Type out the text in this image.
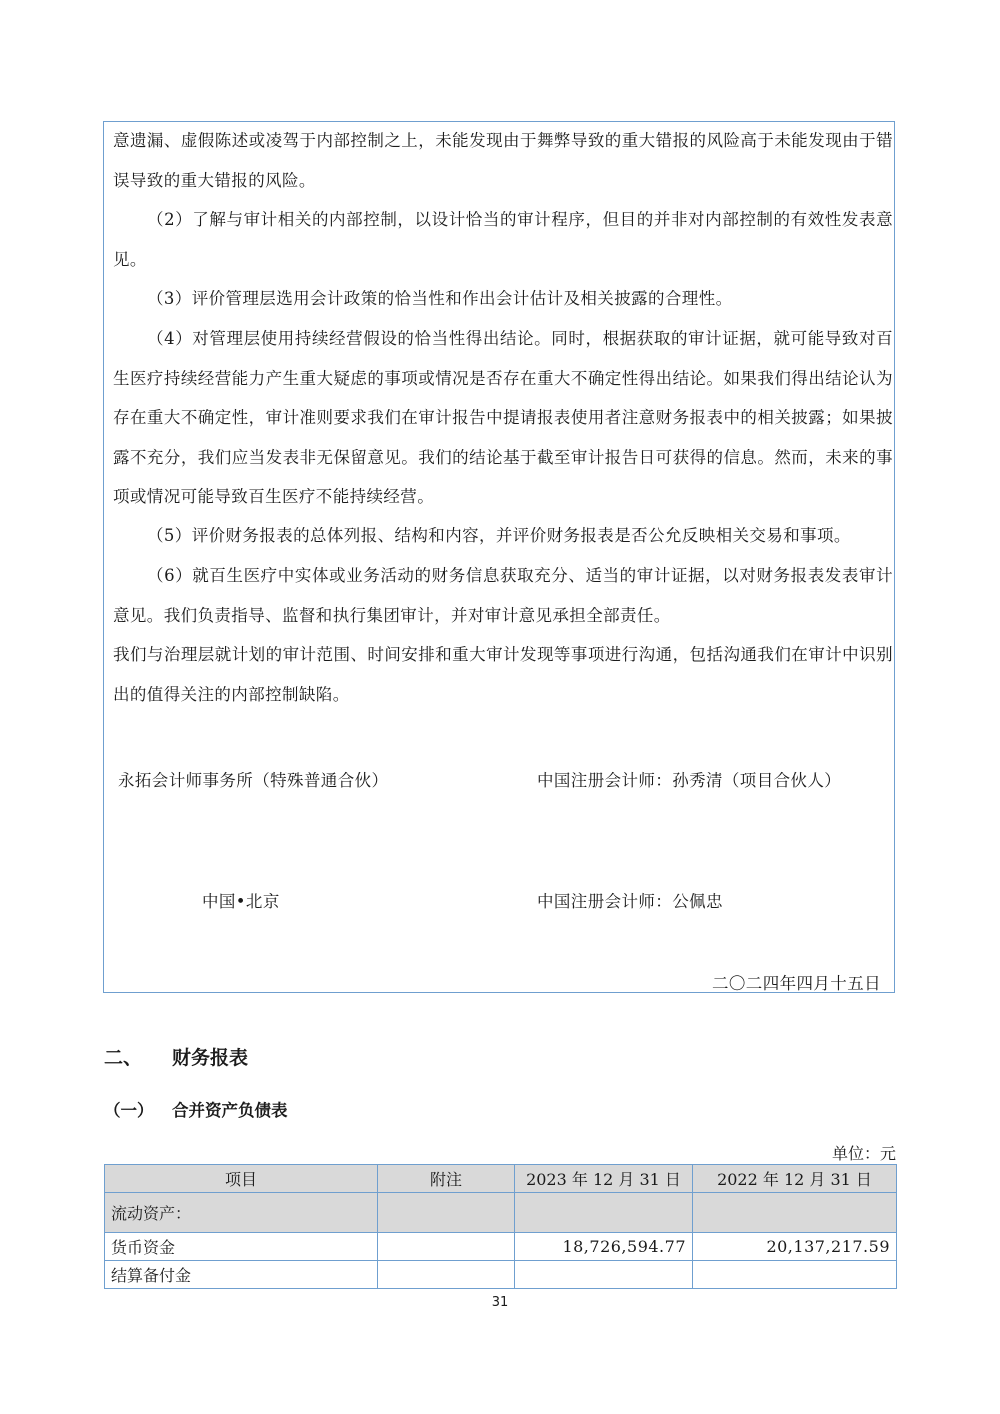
意遗漏、虚假陈述或凌驾于内部控制之上，未能发现由于舞弊导致的重大错报的风险高于未能发现由于错误导致的重大错报的风险。

（2）了解与审计相关的内部控制，以设计恰当的审计程序，但目的并非对内部控制的有效性发表意见。

（3）评价管理层选用会计政策的恰当性和作出会计估计及相关披露的合理性。

（4）对管理层使用持续经营假设的恰当性得出结论。同时，根据获取的审计证据，就可能导致对百生医疗持续经营能力产生重大疑虑的事项或情况是否存在重大不确定性得出结论。如果我们得出结论认为存在重大不确定性，审计准则要求我们在审计报告中提请报表使用者注意财务报表中的相关披露；如果披露不充分，我们应当发表非无保留意见。我们的结论基于截至审计报告日可获得的信息。然而，未来的事项或情况可能导致百生医疗不能持续经营。

（5）评价财务报表的总体列报、结构和内容，并评价财务报表是否公允反映相关交易和事项。

（6）就百生医疗中实体或业务活动的财务信息获取充分、适当的审计证据，以对财务报表发表审计意见。我们负责指导、监督和执行集团审计，并对审计意见承担全部责任。

我们与治理层就计划的审计范围、时间安排和重大审计发现等事项进行沟通，包括沟通我们在审计中识别出的值得关注的内部控制缺陷。

永拓会计师事务所（特殊普通合伙）	中国注册会计师：孙秀清（项目合伙人）
中国•北京	中国注册会计师：公佩忠
二〇二四年四月十五日
二、 财务报表
（一） 合并资产负债表
单位：元
项目	附注	2023 年 12 月 31 日	2022 年 12 月 31 日
流动资产：			
货币资金		18,726,594.77	20,137,217.59
结算备付金			
31
